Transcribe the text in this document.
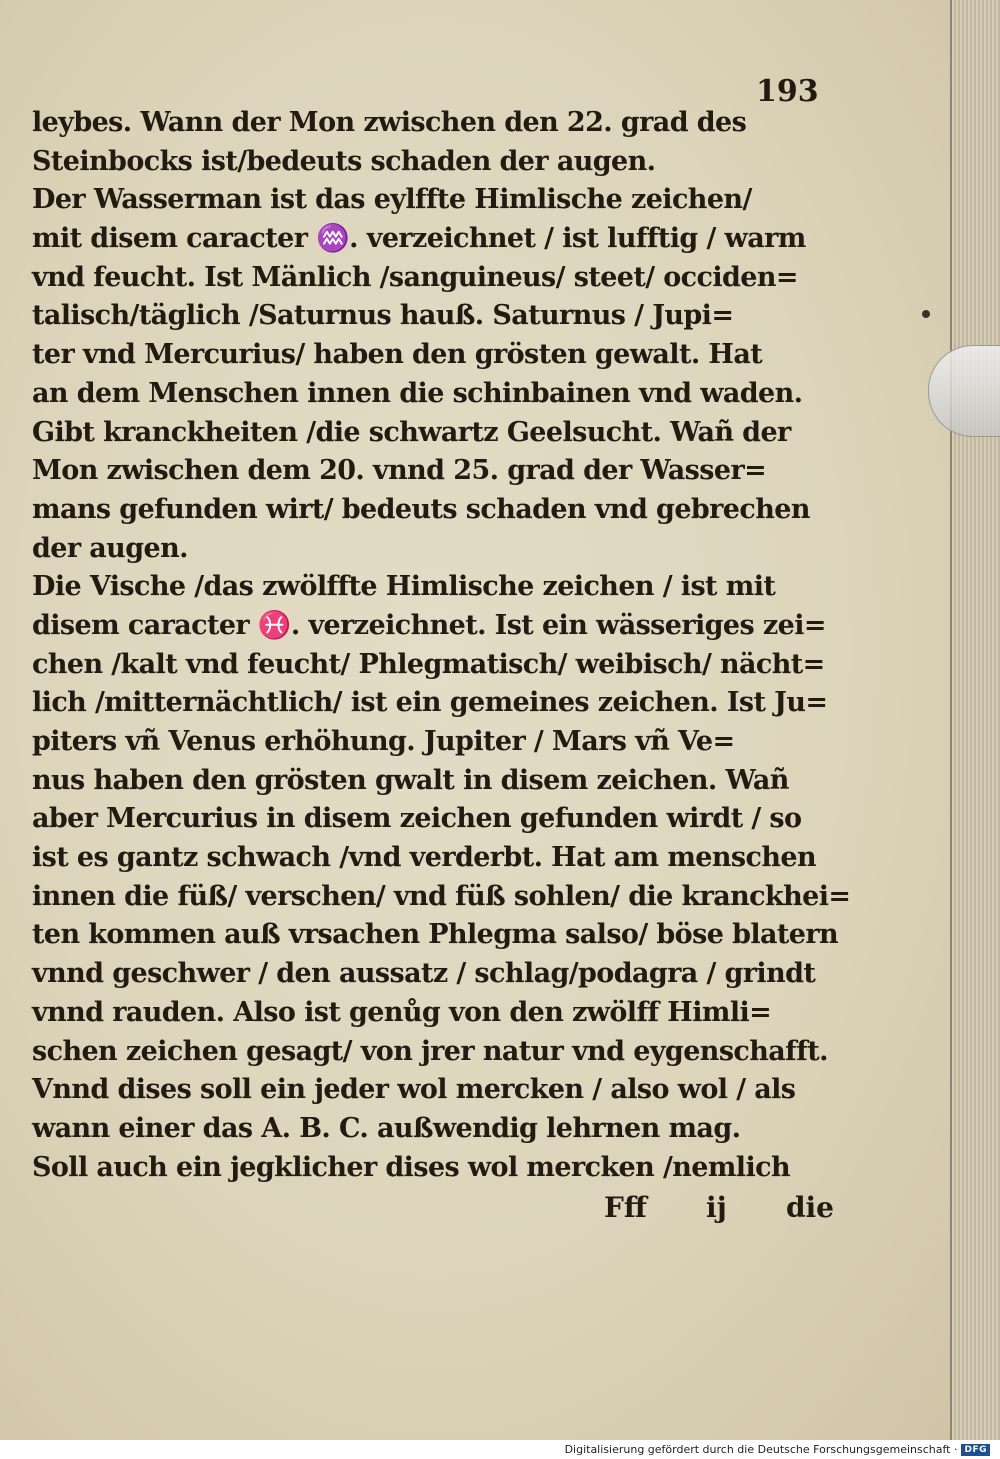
193

leybes. Wann der Mon zwischen den 22. grad des
Steinbocks ist/bedeuts schaden der augen.
Der Wasserman ist das eylffte Himlische zeichen/
mit disem caracter ♒. verzeichnet / ist lufftig / warm
vnd feucht. Ist Mänlich /sanguineus/ steet/ occiden=
talisch/täglich /Saturnus hauß. Saturnus / Jupi=
ter vnd Mercurius/ haben den grösten gewalt. Hat
an dem Menschen innen die schinbainen vnd waden.
Gibt kranckheiten /die schwartz Geelsucht. Wañ der
Mon zwischen dem 20. vnnd 25. grad der Wasser=
mans gefunden wirt/ bedeuts schaden vnd gebrechen
der augen.
Die Vische /das zwölffte Himlische zeichen / ist mit
disem caracter ♓. verzeichnet. Ist ein wässeriges zei=
chen /kalt vnd feucht/ Phlegmatisch/ weibisch/ nächt=
lich /mitternächtlich/ ist ein gemeines zeichen. Ist Ju=
piters vñ Venus erhöhung. Jupiter / Mars vñ Ve=
nus haben den grösten gwalt in disem zeichen. Wañ
aber Mercurius in disem zeichen gefunden wirdt / so
ist es gantz schwach /vnd verderbt. Hat am menschen
innen die füß/ verschen/ vnd füß sohlen/ die kranckhei=
ten kommen auß vrsachen Phlegma salso/ böse blatern
vnnd geschwer / den aussatz / schlag/podagra / grindt
vnnd rauden. Also ist genůg von den zwölff Himli=
schen zeichen gesagt/ von jrer natur vnd eygenschafft.
Vnnd dises soll ein jeder wol mercken / also wol / als
wann einer das A. B. C. außwendig lehrnen mag.
Soll auch ein jegklicher dises wol mercken /nemlich
Fff ij die
Digitalisierung gefördert durch die Deutsche Forschungsgemeinschaft · DFG
